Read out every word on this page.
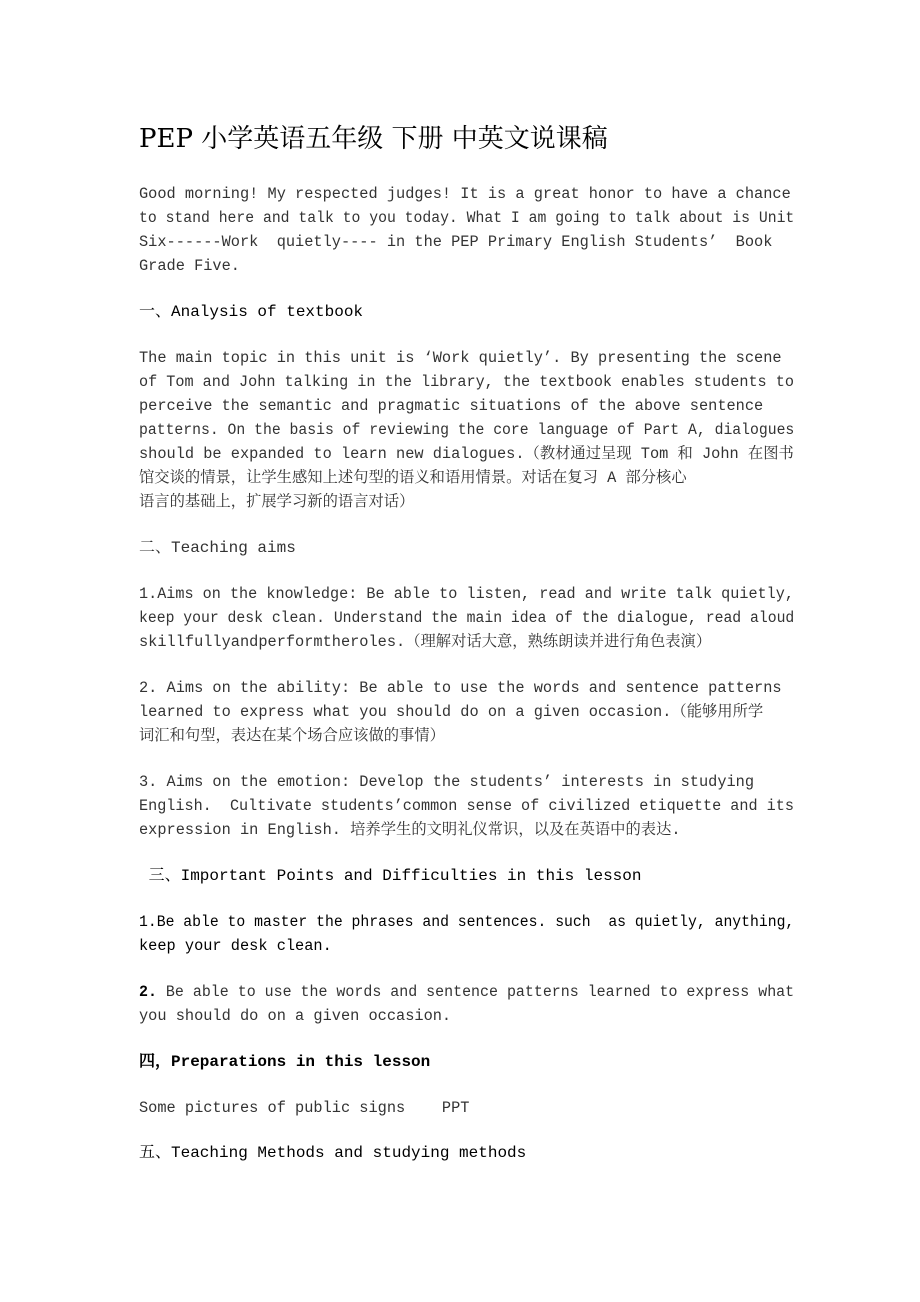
PEP 小学英语五年级 下册 中英文说课稿
Good morning! My respected judges! It is a great honor to have a chance
to stand here and talk to you today. What I am going to talk about is Unit
Six------Work  quietly---- in the PEP Primary English Students’  Book
Grade Five.
一、Analysis of textbook
The main topic in this unit is ‘Work quietly’. By presenting the scene
of Tom and John talking in the library, the textbook enables students to
perceive the semantic and pragmatic situations of the above sentence
patterns. On the basis of reviewing the core language of Part A, dialogues
should be expanded to learn new dialogues.（教材通过呈现 Tom 和 John 在图书
馆交谈的情景，让学生感知上述句型的语义和语用情景。对话在复习 A 部分核心
语言的基础上，扩展学习新的语言对话）
二、Teaching aims
1.Aims on the knowledge: Be able to listen, read and write talk quietly,
keep your desk clean. Understand the main idea of the dialogue, read aloud
skillfullyandperformtheroles.（理解对话大意，熟练朗读并进行角色表演）
2. Aims on the ability: Be able to use the words and sentence patterns
learned to express what you should do on a given occasion.（能够用所学
词汇和句型，表达在某个场合应该做的事情）
3. Aims on the emotion: Develop the students’ interests in studying
English.  Cultivate students’common sense of civilized etiquette and its
expression in English. 培养学生的文明礼仪常识，以及在英语中的表达.
三、Important Points and Difficulties in this lesson
1.Be able to master the phrases and sentences. such  as quietly, anything,
keep your desk clean.
2. Be able to use the words and sentence patterns learned to express what
you should do on a given occasion.
四，Preparations in this lesson
Some pictures of public signs    PPT
五、Teaching Methods and studying methods
